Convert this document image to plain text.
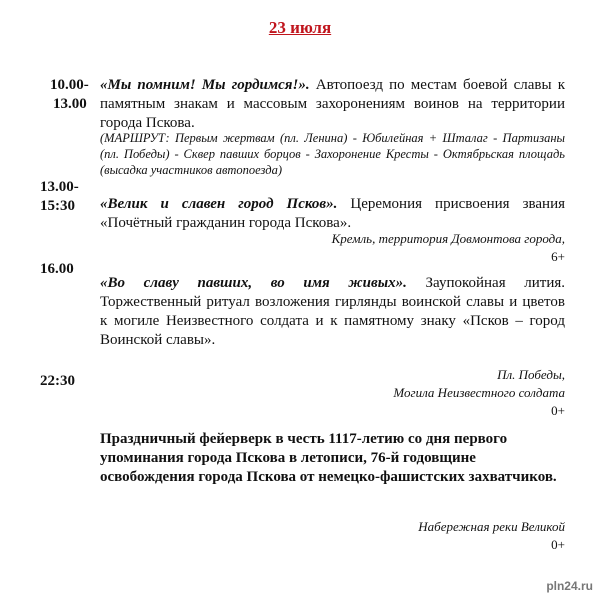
23 июля
10.00-
13.00
«Мы помним! Мы гордимся!». Автопоезд по местам боевой славы к памятным знакам и массовым захоронениям воинов на территории города Пскова.
(МАРШРУТ: Первым жертвам (пл. Ленина) - Юбилейная + Шталаг - Партизаны (пл. Победы) - Сквер павших борцов - Захоронение Кресты - Октябрьская площадь (высадка участников автопоезда)
13.00-
15:30 «Велик и славен город Псков». Церемония присвоения звания «Почётный гражданин города Пскова».
Кремль, территория Довмонтова города,
6+
16.00
«Во славу павших, во имя живых». Заупокойная лития. Торжественный ритуал возложения гирлянды воинской славы и цветов к могиле Неизвестного солдата и к памятному знаку «Псков – город Воинской славы».
Пл. Победы,
Могила Неизвестного солдата
0+
22:30
Праздничный фейерверк в честь 1117-летию со дня первого упоминания города Пскова в летописи, 76-й годовщине освобождения города Пскова от немецко-фашистских захватчиков.
Набережная реки Великой
0+
pln24.ru
